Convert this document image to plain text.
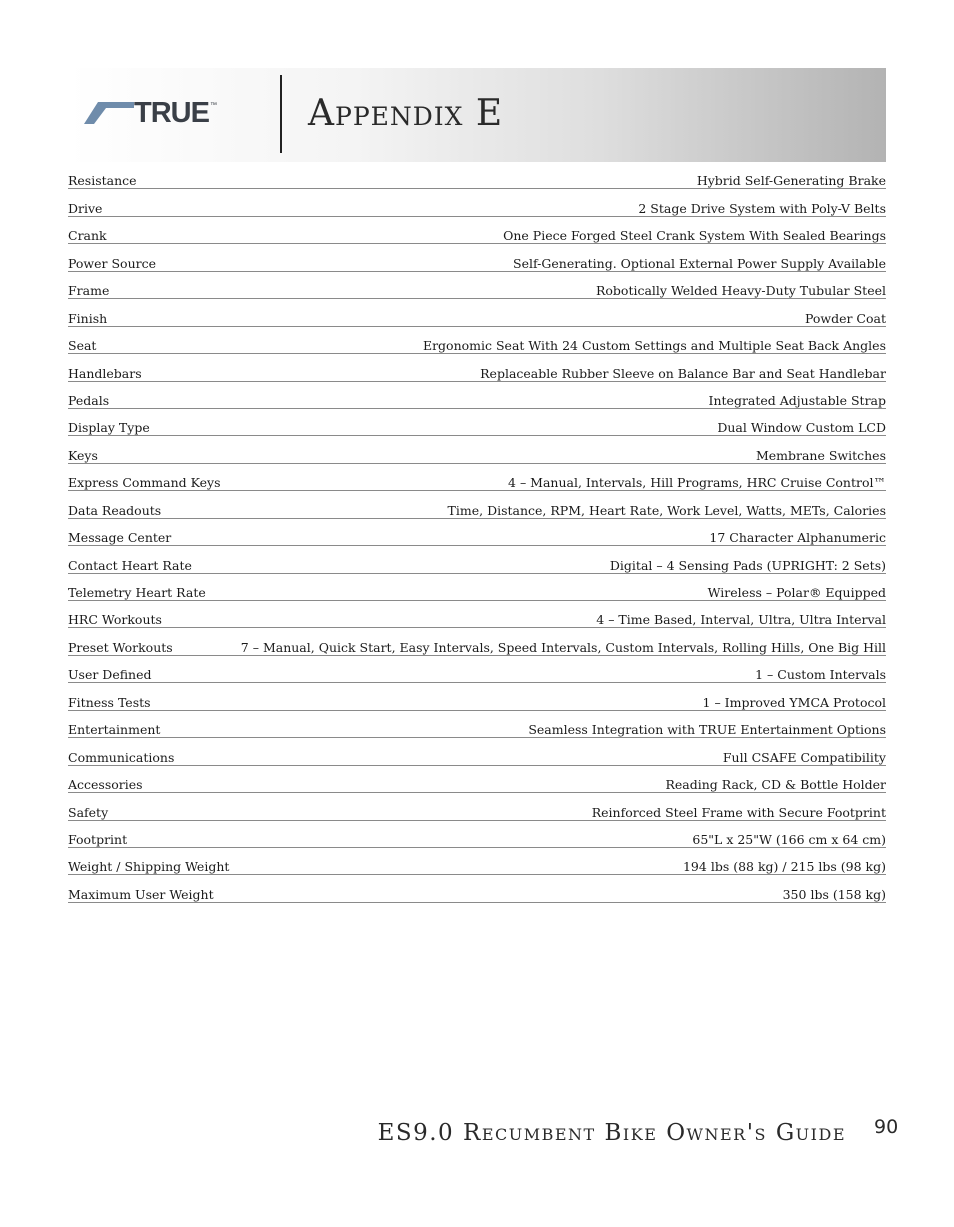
TRUE ™	Appendix E
Resistance	Hybrid Self-Generating Brake
Drive	2 Stage Drive System with Poly-V Belts
Crank	One Piece Forged Steel Crank System With Sealed Bearings
Power Source	Self-Generating. Optional External Power Supply Available
Frame	Robotically Welded Heavy-Duty Tubular Steel
Finish	Powder Coat
Seat	Ergonomic Seat With 24 Custom Settings and Multiple Seat Back Angles
Handlebars	Replaceable Rubber Sleeve on Balance Bar and Seat Handlebar
Pedals	Integrated Adjustable Strap
Display Type	Dual Window Custom LCD
Keys	Membrane Switches
Express Command Keys	4 – Manual, Intervals, Hill Programs, HRC Cruise Control™
Data Readouts	Time, Distance, RPM, Heart Rate, Work Level, Watts, METs, Calories
Message Center	17 Character Alphanumeric
Contact Heart Rate	Digital – 4 Sensing Pads (UPRIGHT: 2 Sets)
Telemetry Heart Rate	Wireless – Polar® Equipped
HRC Workouts	4 – Time Based, Interval, Ultra, Ultra Interval
Preset Workouts	7 – Manual, Quick Start, Easy Intervals, Speed Intervals, Custom Intervals, Rolling Hills, One Big Hill
User Defined	1 – Custom Intervals
Fitness Tests	1 – Improved YMCA Protocol
Entertainment	Seamless Integration with TRUE Entertainment Options
Communications	Full CSAFE Compatibility
Accessories	Reading Rack, CD & Bottle Holder
Safety	Reinforced Steel Frame with Secure Footprint
Footprint	65"L x 25"W (166 cm x 64 cm)
Weight / Shipping Weight	194 lbs (88 kg) / 215 lbs (98 kg)
Maximum User Weight	350 lbs (158 kg)
ES9.0 Recumbent Bike Owner's Guide 90
